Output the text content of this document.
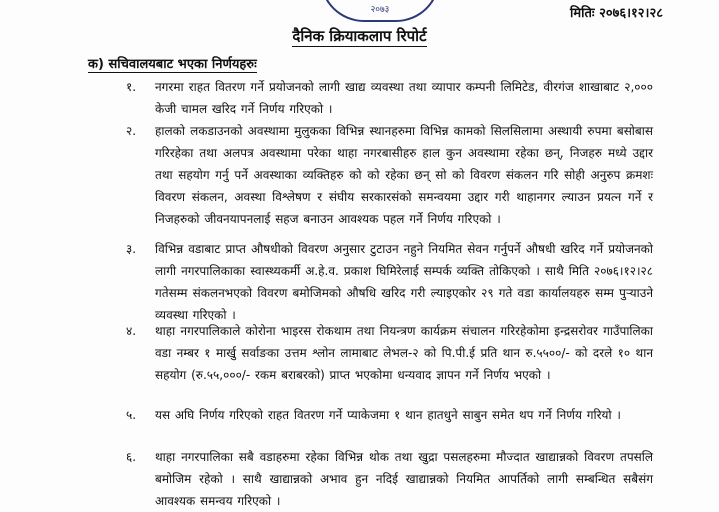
२०७३	मितिः २०७६।१२।२८
दैनिक क्रियाकलाप रिपोर्ट
क) सचिवालयबाट भएका निर्णयहरुः
१. नगरमा राहत वितरण गर्ने प्रयोजनको लागी खाद्य व्यवस्था तथा व्यापार कम्पनी लिमिटेड, वीरगंज शाखाबाट २,००० केजी चामल खरिद गर्ने निर्णय गरिएको ।
२. हालको लकडाउनको अवस्थामा मुलुकका विभिन्न स्थानहरुमा विभिन्न कामको सिलसिलामा अस्थायी रुपमा बसोबास गरिरहेका तथा अलपत्र अवस्थामा परेका थाहा नगरबासीहरु हाल कुन अवस्थामा रहेका छन्, निजहरु मध्ये उद्दार तथा सहयोग गर्नु पर्ने अवस्थाका व्यक्तिहरु को को रहेका छन् सो को विवरण संकलन गरि सोही अनुरुप क्रमशः विवरण संकलन, अवस्था विश्लेषण र संघीय सरकारसंको समन्वयमा उद्दार गरी थाहानगर ल्याउन प्रयत्न गर्ने र निजहरुको जीवनयापनलाई सहज बनाउन आवश्यक पहल गर्ने निर्णय गरिएको ।
३. विभिन्न वडाबाट प्राप्त औषधीको विवरण अनुसार टुटाउन नहुने नियमित सेवन गर्नुपर्ने औषधी खरिद गर्ने प्रयोजनको लागी नगरपालिकाका स्वास्थ्यकर्मी अ.हे.व. प्रकाश घिमिरेलाई सम्पर्क व्यक्ति तोकिएको । साथै मिति २०७६।१२।२८ गतेसम्म संकलनभएको विवरण बमोजिमको औषधि खरिद गरी ल्याइएकोर २९ गते वडा कार्यालयहरु सम्म पुऱ्याउने व्यवस्था गरिएको ।
४. थाहा नगरपालिकाले कोरोना भाइरस रोकथाम तथा नियन्त्रण कार्यक्रम संचालन गरिरहेकोमा इन्द्रसरोवर गाउँपालिका वडा नम्बर १ मार्खु सर्वाङका उत्तम श्लोन लामाबाट लेभल-२ को पि.पी.ई प्रति थान रु.५५००/- को दरले १० थान सहयोग (रु.५५,०००/- रकम बराबरको) प्राप्त भएकोमा धन्यवाद ज्ञापन गर्ने निर्णय भएको ।
५. यस अघि निर्णय गरिएको राहत वितरण गर्ने प्याकेजमा १ थान हातधुने साबुन समेत थप गर्ने निर्णय गरियो ।
६. थाहा नगरपालिका सबै वडाहरुमा रहेका विभिन्न थोक तथा खुद्रा पसलहरुमा मौज्दात खाद्यान्नको विवरण तपसलि बमोजिम रहेको । साथै खाद्यान्नको अभाव हुन नदिई खाद्यान्नको नियमित आपर्तिको लागी सम्बन्धित सबैसंग आवश्यक समन्वय गरिएको ।
